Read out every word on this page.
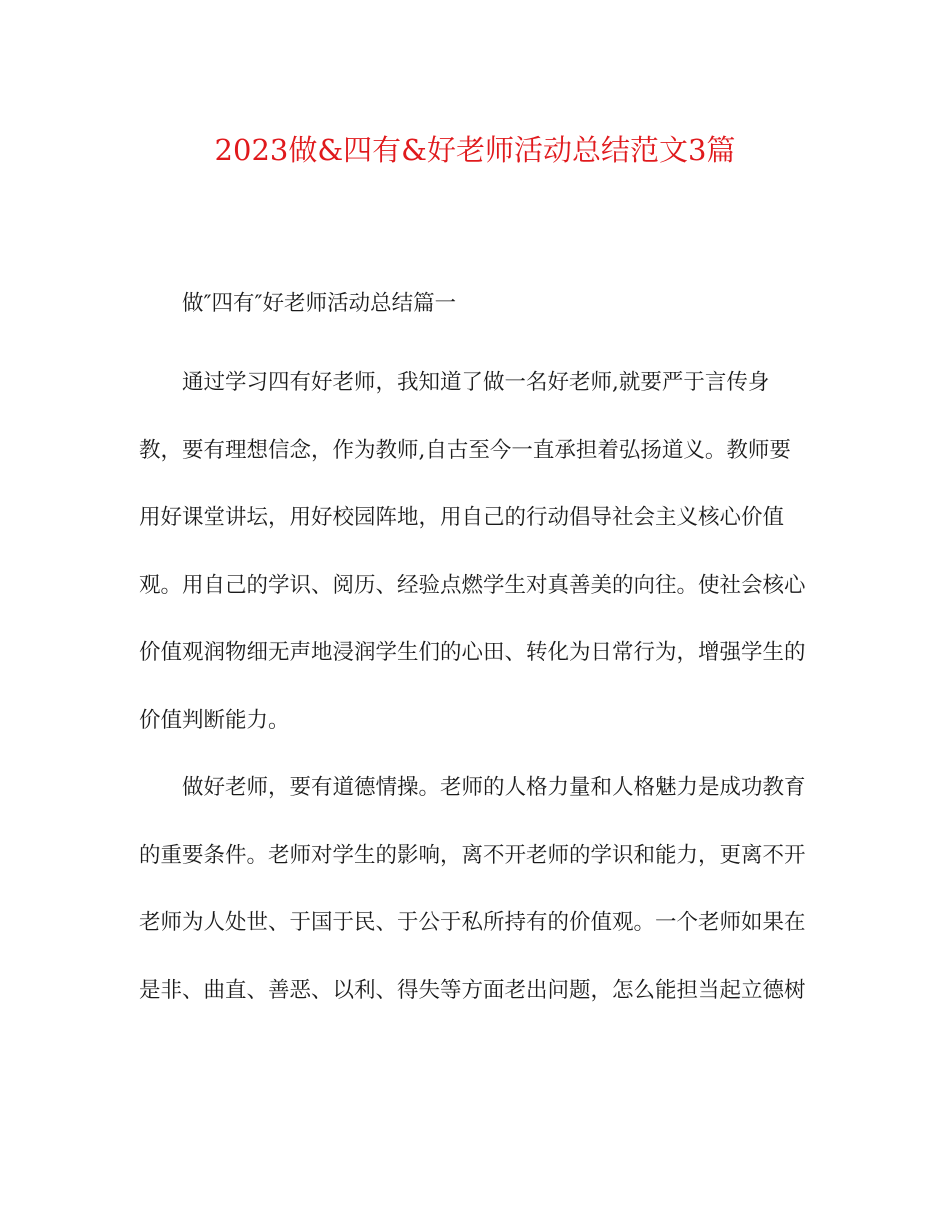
2023做&四有&好老师活动总结范文3篇
做″四有″好老师活动总结篇一
通过学习四有好老师，我知道了做一名好老师,就要严于言传身
教，要有理想信念，作为教师,自古至今一直承担着弘扬道义。教师要
用好课堂讲坛，用好校园阵地，用自己的行动倡导社会主义核心价值
观。用自己的学识、阅历、经验点燃学生对真善美的向往。使社会核心
价值观润物细无声地浸润学生们的心田、转化为日常行为，增强学生的
价值判断能力。
做好老师，要有道德情操。老师的人格力量和人格魅力是成功教育
的重要条件。老师对学生的影响，离不开老师的学识和能力，更离不开
老师为人处世、于国于民、于公于私所持有的价值观。一个老师如果在
是非、曲直、善恶、以利、得失等方面老出问题，怎么能担当起立德树
